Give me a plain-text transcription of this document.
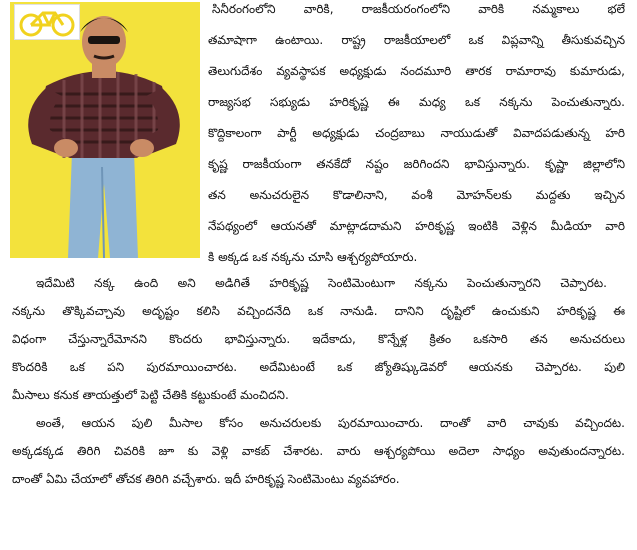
సినీరంగంలోని వారికి, రాజకీయరంగంలోని వారికి నమ్మకాలు భలే
తమాషాగా ఉంటాయి. రాష్ట్ర రాజకీయాలలో ఒక విప్లవాన్ని తీసుకువచ్చిన
తెలుగుదేశం వ్యవస్థాపక అధ్యక్షుడు నందమూరి తారక రామారావు కుమారుడు,
రాజ్యసభ సభ్యుడు హరికృష్ణ ఈ మధ్య ఒక నక్కను పెంచుతున్నారు.
కొద్దికాలంగా పార్టీ అధ్యక్షుడు చంద్రబాబు నాయుడుతో వివాదపడుతున్న హరి
కృష్ణ రాజకీయంగా తనకేదో నష్టం జరిగిందని భావిస్తున్నారు. కృష్ణా జిల్లాలోని
తన అనుచరులైన కొడాలినాని, వంశీ మోహన్‌లకు మద్దతు ఇచ్చిన
నేపథ్యంలో ఆయనతో మాట్లాడదామని హరికృష్ణ ఇంటికి వెళ్లిన మీడియా వారి
కి అక్కడ ఒక నక్కను చూసి ఆశ్చర్యపోయారు.
ఇదేమిటి నక్క ఉంది అని అడిగితే హరికృష్ణ సెంటిమెంటుగా నక్కను పెంచుతున్నారని చెప్పారట.
నక్కను తొక్కివచ్చావు అదృష్టం కలిసి వచ్చిందనేది ఒక నానుడి. దానిని దృష్టిలో ఉంచుకుని హరికృష్ణ ఈ
విధంగా చేస్తున్నారేమోనని కొందరు భావిస్తున్నారు. ఇదేకాదు, కొన్నేళ్ల క్రితం ఒకసారి తన అనుచరులు
కొందరికి ఒక పని పురమాయించారట. అదేమిటంటే ఒక జ్యోతిష్కుడెవరో ఆయనకు చెప్పారట. పులి
మీసాలు కనుక తాయత్తులో పెట్టి చేతికి కట్టుకుంటే మంచిదని.
అంతే, ఆయన పులి మీసాల కోసం అనుచరులకు పురమాయించారు. దాంతో వారి చావుకు వచ్చిందట.
అక్కడక్కడ తిరిగి చివరికి జూ కు వెళ్లి వాకబ్ చేశారట. వారు ఆశ్చర్యపోయి అదెలా సాధ్యం అవుతుందన్నారట.
దాంతో ఏమి చేయాలో తోచక తిరిగి వచ్చేశారు. ఇదీ హరికృష్ణ సెంటిమెంటు వ్యవహారం.
